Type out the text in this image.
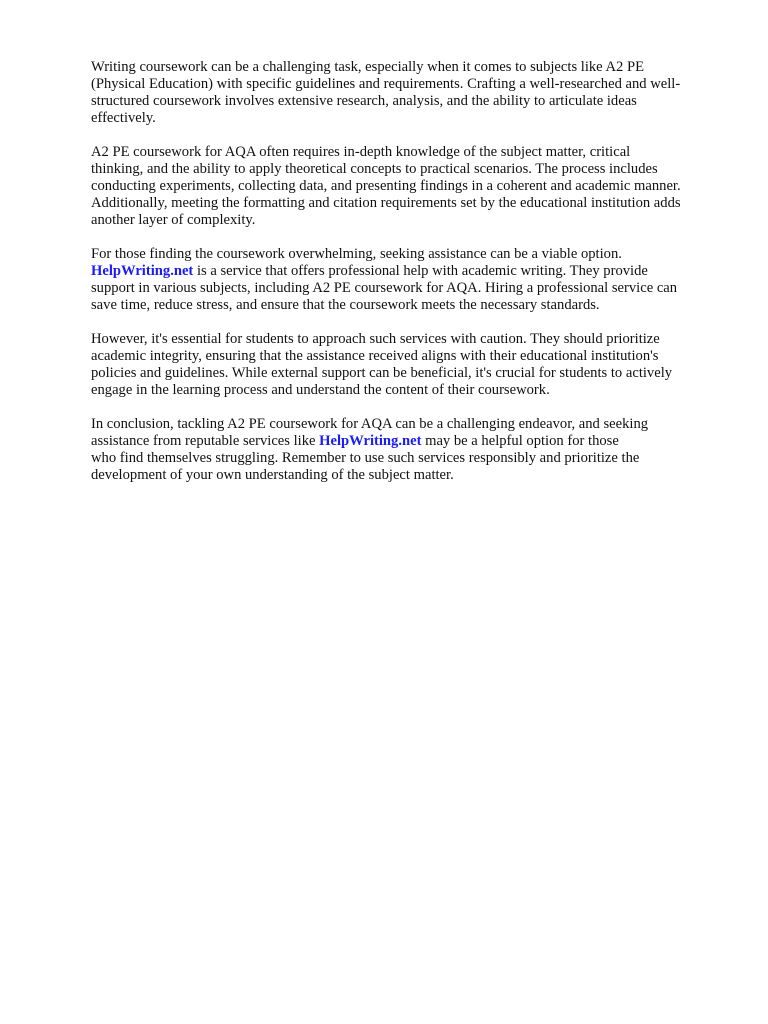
Writing coursework can be a challenging task, especially when it comes to subjects like A2 PE
(Physical Education) with specific guidelines and requirements. Crafting a well-researched and well-
structured coursework involves extensive research, analysis, and the ability to articulate ideas
effectively.

A2 PE coursework for AQA often requires in-depth knowledge of the subject matter, critical
thinking, and the ability to apply theoretical concepts to practical scenarios. The process includes
conducting experiments, collecting data, and presenting findings in a coherent and academic manner.
Additionally, meeting the formatting and citation requirements set by the educational institution adds
another layer of complexity.

For those finding the coursework overwhelming, seeking assistance can be a viable option.
HelpWriting.net is a service that offers professional help with academic writing. They provide
support in various subjects, including A2 PE coursework for AQA. Hiring a professional service can
save time, reduce stress, and ensure that the coursework meets the necessary standards.

However, it's essential for students to approach such services with caution. They should prioritize
academic integrity, ensuring that the assistance received aligns with their educational institution's
policies and guidelines. While external support can be beneficial, it's crucial for students to actively
engage in the learning process and understand the content of their coursework.

In conclusion, tackling A2 PE coursework for AQA can be a challenging endeavor, and seeking
assistance from reputable services like HelpWriting.net may be a helpful option for those
who find themselves struggling. Remember to use such services responsibly and prioritize the
development of your own understanding of the subject matter.
